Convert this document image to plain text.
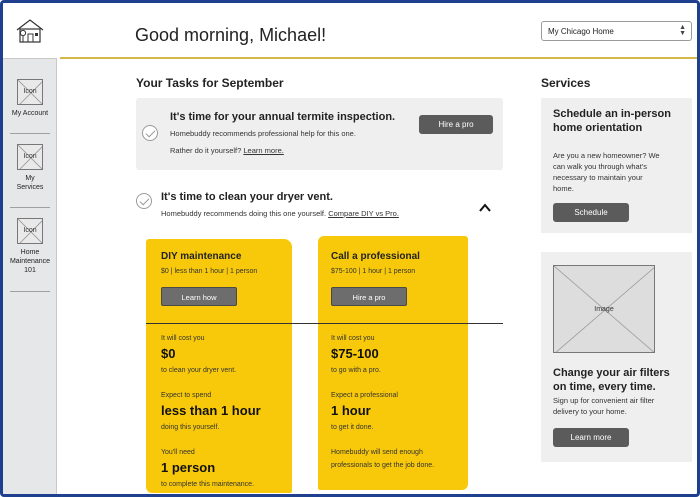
Icon
My Account
Icon
My Services
Icon
Home Maintenance 101
Good morning, Michael!	My Chicago Home	▲
▼
Your Tasks for September
It's time for your annual termite inspection.
Homebuddy recommends professional help for this one.
Rather do it yourself? Learn more.
Hire a pro
It's time to clean your dryer vent.
Homebuddy recommends doing this one yourself. Compare DIY vs Pro.
DIY maintenance
$0 | less than 1 hour | 1 person
Learn how
It will cost you
$0
to clean your dryer vent.
Expect to spend
less than 1 hour
doing this yourself.
You'll need
1 person
to complete this maintenance.
Call a professional
$75-100 | 1 hour | 1 person
Hire a pro
It will cost you
$75-100
to go with a pro.
Expect a professional
1 hour
to get it done.
Homebuddy will send enough
professionals to get the job done.
Services
Schedule an in-person
home orientation
Are you a new homeowner? We
can walk you through what's
necessary to maintain your
home.
Schedule
Image
Change your air filters
on time, every time.
Sign up for convenient air filter
delivery to your home.
Learn more
